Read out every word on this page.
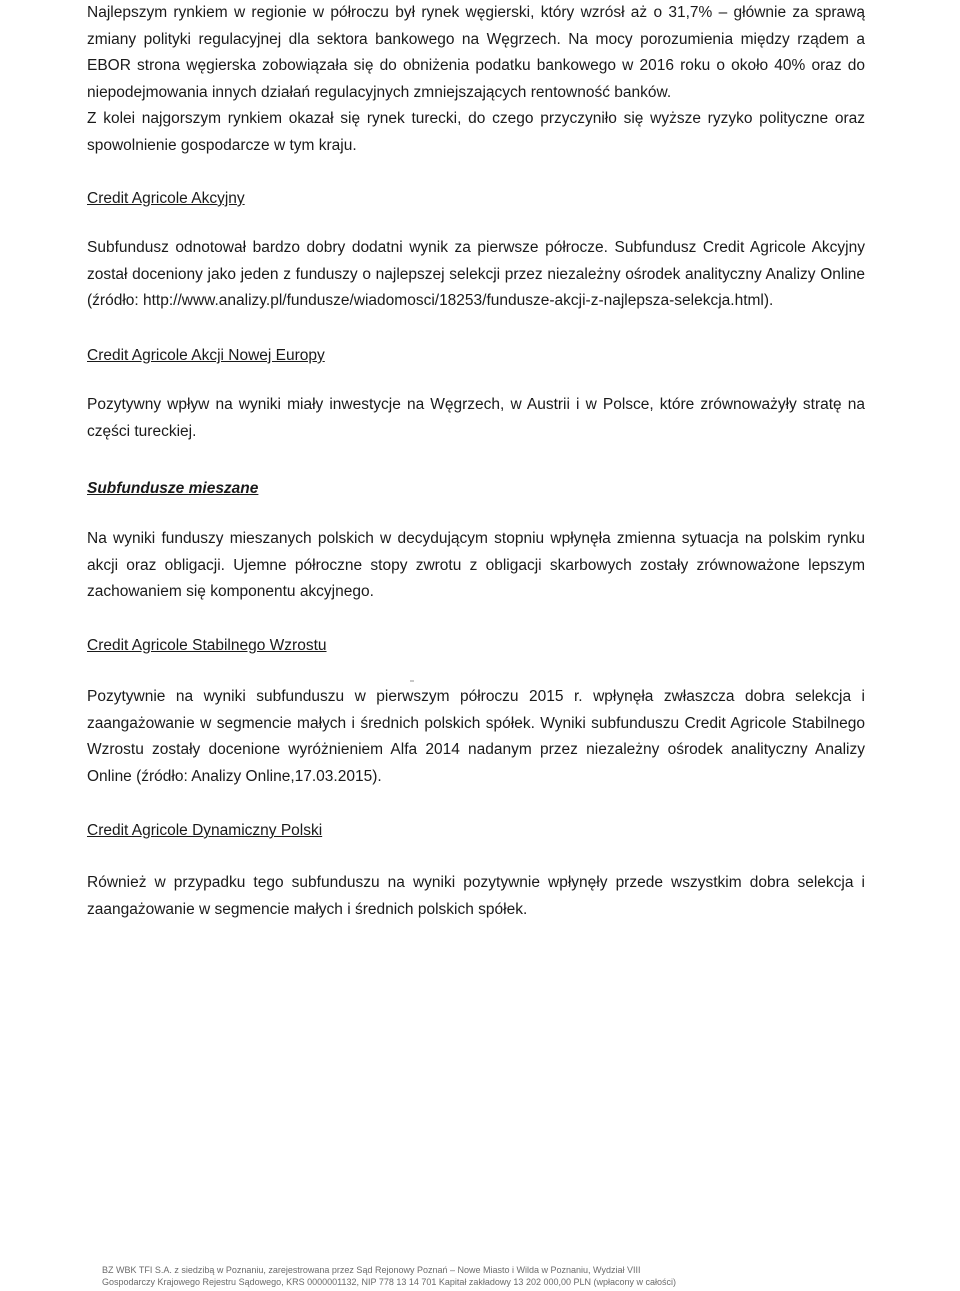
Najlepszym rynkiem w regionie w półroczu był rynek węgierski, który wzrósł aż o 31,7% – głównie za sprawą zmiany polityki regulacyjnej dla sektora bankowego na Węgrzech. Na mocy porozumienia między rządem a EBOR strona węgierska zobowiązała się do obniżenia podatku bankowego w 2016 roku o około 40% oraz do niepodejmowania innych działań regulacyjnych zmniejszających rentowność banków.

Z kolei najgorszym rynkiem okazał się rynek turecki, do czego przyczyniło się wyższe ryzyko polityczne oraz spowolnienie gospodarcze w tym kraju.

Credit Agricole Akcyjny

Subfundusz odnotował bardzo dobry dodatni wynik za pierwsze półrocze. Subfundusz Credit Agricole Akcyjny został doceniony jako jeden z funduszy o najlepszej selekcji przez niezależny ośrodek analityczny Analizy Online (źródło: http://www.analizy.pl/fundusze/wiadomosci/18253/fundusze-akcji-z-najlepsza-selekcja.html).

Credit Agricole Akcji Nowej Europy

Pozytywny wpływ na wyniki miały inwestycje na Węgrzech, w Austrii i w Polsce, które zrównoważyły stratę na części tureckiej.

Subfundusze mieszane

Na wyniki funduszy mieszanych polskich w decydującym stopniu wpłynęła zmienna sytuacja na polskim rynku akcji oraz obligacji. Ujemne półroczne stopy zwrotu z obligacji skarbowych zostały zrównoważone lepszym zachowaniem się komponentu akcyjnego.

Credit Agricole Stabilnego Wzrostu

Pozytywnie na wyniki subfunduszu w pierwszym półroczu 2015 r. wpłynęła zwłaszcza dobra selekcja i zaangażowanie w segmencie małych i średnich polskich spółek. Wyniki subfunduszu Credit Agricole Stabilnego Wzrostu zostały docenione wyróżnieniem Alfa 2014 nadanym przez niezależny ośrodek analityczny Analizy Online (źródło: Analizy Online,17.03.2015).

Credit Agricole Dynamiczny Polski

Również w przypadku tego subfunduszu na wyniki pozytywnie wpłynęły przede wszystkim dobra selekcja i zaangażowanie w segmencie małych i średnich polskich spółek.

BZ WBK TFI S.A. z siedzibą w Poznaniu, zarejestrowana przez Sąd Rejonowy Poznań – Nowe Miasto i Wilda w Poznaniu, Wydział VIII

Gospodarczy Krajowego Rejestru Sądowego, KRS 0000001132, NIP 778 13 14 701 Kapitał zakładowy 13 202 000,00 PLN (wpłacony w całości)
